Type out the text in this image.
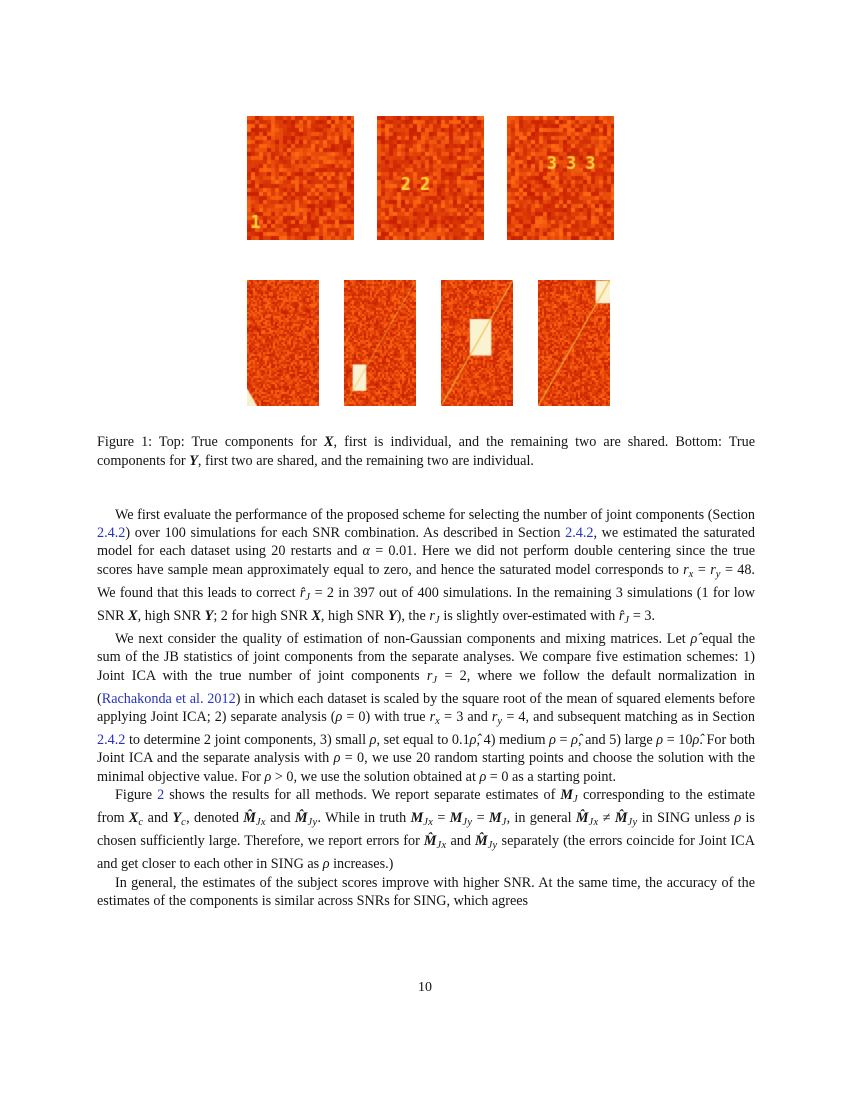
Figure 1: Top: True components for X, first is individual, and the remaining two are shared. Bottom: True components for Y, first two are shared, and the remaining two are individual.

We first evaluate the performance of the proposed scheme for selecting the number of joint components (Section 2.4.2) over 100 simulations for each SNR combination. As described in Section 2.4.2, we estimated the saturated model for each dataset using 20 restarts and α = 0.01. Here we did not perform double centering since the true scores have sample mean approximately equal to zero, and hence the saturated model corresponds to $r_x = r_y = 48$. We found that this leads to correct $r̂_J = 2$ in 397 out of 400 simulations. In the remaining 3 simulations (1 for low SNR X, high SNR Y; 2 for high SNR X, high SNR Y), the $r_J$ is slightly over-estimated with $r̂_J = 3$.

We next consider the quality of estimation of non-Gaussian components and mixing matrices. Let ρ̂ equal the sum of the JB statistics of joint components from the separate analyses. We compare five estimation schemes: 1) Joint ICA with the true number of joint components $r_J = 2$, where we follow the default normalization in (Rachakonda et al. 2012) in which each dataset is scaled by the square root of the mean of squared elements before applying Joint ICA; 2) separate analysis (ρ = 0) with true $r_x = 3$ and $r_y = 4$, and subsequent matching as in Section 2.4.2 to determine 2 joint components, 3) small ρ, set equal to 0.1ρ̂, 4) medium ρ = ρ̂, and 5) large ρ = 10ρ̂. For both Joint ICA and the separate analysis with ρ = 0, we use 20 random starting points and choose the solution with the minimal objective value. For ρ > 0, we use the solution obtained at ρ = 0 as a starting point.

Figure 2 shows the results for all methods. We report separate estimates of $M_J$ corresponding to the estimate from $X_c$ and $Y_c$, denoted $M̂_{Jx}$ and $M̂_{Jy}$. While in truth $M_{Jx} = M_{Jy} = M_J$, in general $M̂_{Jx}$ ≠ $M̂_{Jy}$ in SING unless ρ is chosen sufficiently large. Therefore, we report errors for $M̂_{Jx}$ and $M̂_{Jy}$ separately (the errors coincide for Joint ICA and get closer to each other in SING as ρ increases.)

In general, the estimates of the subject scores improve with higher SNR. At the same time, the accuracy of the estimates of the components is similar across SNRs for SING, which agrees

10
